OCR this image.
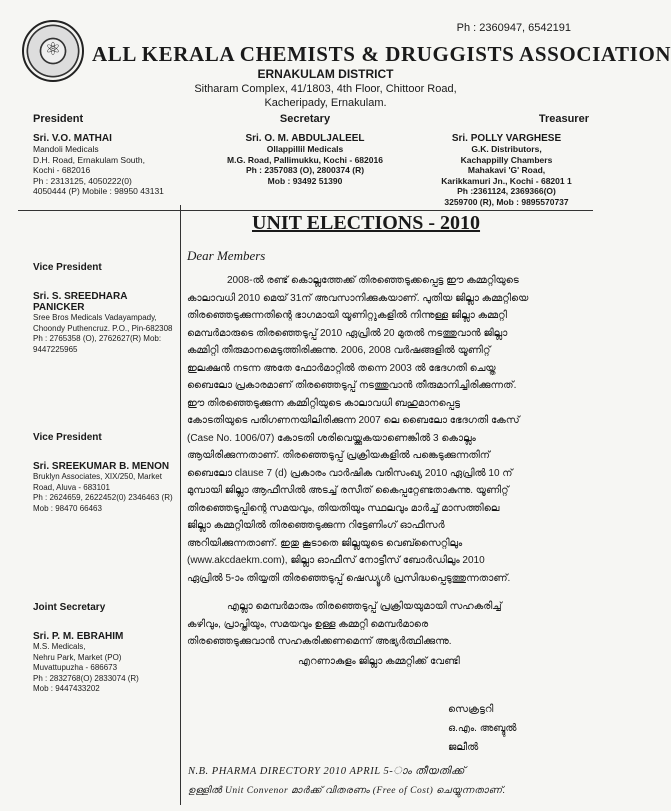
Ph : 2360947, 6542191
⚛	ALL KERALA CHEMISTS & DRUGGISTS ASSOCIATION
ERNAKULAM DISTRICT
Sitharam Complex, 41/1803, 4th Floor, Chittoor Road,
Kacheripady, Ernakulam.
President
Sri. V.O. MATHAI
Mandoli Medicals
D.H. Road, Ernakulam South,
Kochi - 682016
Ph : 2313125, 4050222(0)
4050444 (P) Mobile : 98950 43131
Secretary
Sri. O. M. ABDULJALEEL
Ollappillil Medicals
M.G. Road, Pallimukku, Kochi - 682016
Ph : 2357083 (O), 2800374 (R)
Mob : 93492 51390
Treasurer
Sri. POLLY VARGHESE
G.K. Distributors,
Kachappilly Chambers
Mahakavi 'G' Road,
Karikkamuri Jn., Kochi - 68201 1
Ph :2361124, 2369366(O)
3259700 (R), Mob : 9895570737
Vice President
Sri. S. SREEDHARA PANICKER
Sree Bros Medicals Vadayampady,
Choondy Puthencruz. P.O., Pin-682308
Ph : 2765358 (O), 2762627(R) Mob:
9447225965
Vice President
Sri. SREEKUMAR B. MENON
Bruklyn Associates, XIX/250, Market
Road, Aluva - 683101
Ph : 2624659, 2622452(0) 2346463 (R)
Mob : 98470 66463
Joint Secretary
Sri. P. M. EBRAHIM
M.S. Medicals,
Nehru Park, Market (PO)
Muvattupuzha - 686673
Ph : 2832768(O) 2833074 (R)
Mob : 9447433202
UNIT ELECTIONS - 2010
Dear Members
2008-ൽ രണ്ട് കൊല്ലത്തേക്ക് തിരഞ്ഞെടുക്കപ്പെട്ട ഈ കമ്മറ്റിയുടെ
കാലാവധി 2010 മെയ് 31ന് അവസാനിക്കുകയാണ്. പുതിയ ജില്ലാ കമ്മറ്റിയെ
തിരഞ്ഞെടുക്കുന്നതിന്റെ ഭാഗമായി യൂണിറ്റുകളിൽ നിന്നുള്ള ജില്ലാ കമ്മറ്റി
മെമ്പർമാരുടെ തിരഞ്ഞെടുപ്പ് 2010 ഏപ്രിൽ 20 മുതൽ നടത്തുവാൻ ജില്ലാ
കമ്മിറ്റി തീരുമാനമെടുത്തിരിക്കുന്നു. 2006, 2008 വർഷങ്ങളിൽ യൂണിറ്റ്
ഇലക്ഷൻ നടന്ന അതേ ഫോർമാറ്റിൽ തന്നെ 2003 ൽ ഭേദഗതി ചെയ്ത
ബൈലോ പ്രകാരമാണ് തിരഞ്ഞെടുപ്പ് നടത്തുവാൻ തീരുമാനിച്ചിരിക്കുന്നത്.
ഈ തിരഞ്ഞെടുക്കുന്ന കമ്മിറ്റിയുടെ കാലാവധി ബഹുമാനപ്പെട്ട
കോടതിയുടെ പരിഗണനയിലിരിക്കുന്ന 2007 ലെ ബൈലോ ഭേദഗതി കേസ്
(Case No. 1006/07) കോടതി ശരിവെയ്ക്കുകയാണെങ്കിൽ 3 കൊല്ലം
ആയിരിക്കുന്നതാണ്. തിരഞ്ഞെടുപ്പ് പ്രക്രിയകളിൽ പങ്കെടുക്കുന്നതിന്
ബൈലോ clause 7 (d) പ്രകാരം വാർഷിക വരിസംഖ്യ 2010 ഏപ്രിൽ 10 ന്
മുമ്പായി ജില്ലാ ആഫീസിൽ അടച്ച് രസീത് കൈപ്പറ്റേണ്ടതാകുന്നു. യൂണിറ്റ്
തിരഞ്ഞെടുപ്പിന്റെ സമയവും, തിയതിയും സ്ഥലവും മാർച്ച് മാസത്തിലെ
ജില്ലാ കമ്മറ്റിയിൽ തിരഞ്ഞെടുക്കുന്ന റിട്ടേണിംഗ് ഓഫീസർ
അറിയിക്കുന്നതാണ്. ഇതു കൂടാതെ ജില്ലയുടെ വെബ്സൈറ്റിലും
(www.akcdaekm.com), ജില്ലാ ഓഫീസ് നോട്ടീസ് ബോർഡിലും 2010
ഏപ്രിൽ 5-ാം തിയ്യതി തിരഞ്ഞെടുപ്പ് ഷെഡ്യൂൾ പ്രസിദ്ധപ്പെടുത്തുന്നതാണ്.
എല്ലാ മെമ്പർമാരും തിരഞ്ഞെടുപ്പ് പ്രക്രിയയുമായി സഹകരിച്ച്
കഴിവും, പ്രാപ്തിയും, സമയവും ഉള്ള കമ്മറ്റി മെമ്പർമാരെ
തിരഞ്ഞെടുക്കുവാൻ സഹകരിക്കണമെന്ന് അഭ്യർത്ഥിക്കുന്നു.
എറണാകുളം ജില്ലാ കമ്മറ്റിക്ക് വേണ്ടി
സെക്രട്ടറി
ഒ.എം. അബ്ദുൽ
ജലീൽ
N.B. PHARMA DIRECTORY 2010 APRIL 5-ാം തീയതിക്ക്
ഉള്ളിൽ Unit Convenor മാർക്ക് വിതരണം (Free of Cost) ചെയ്യുന്നതാണ്.
